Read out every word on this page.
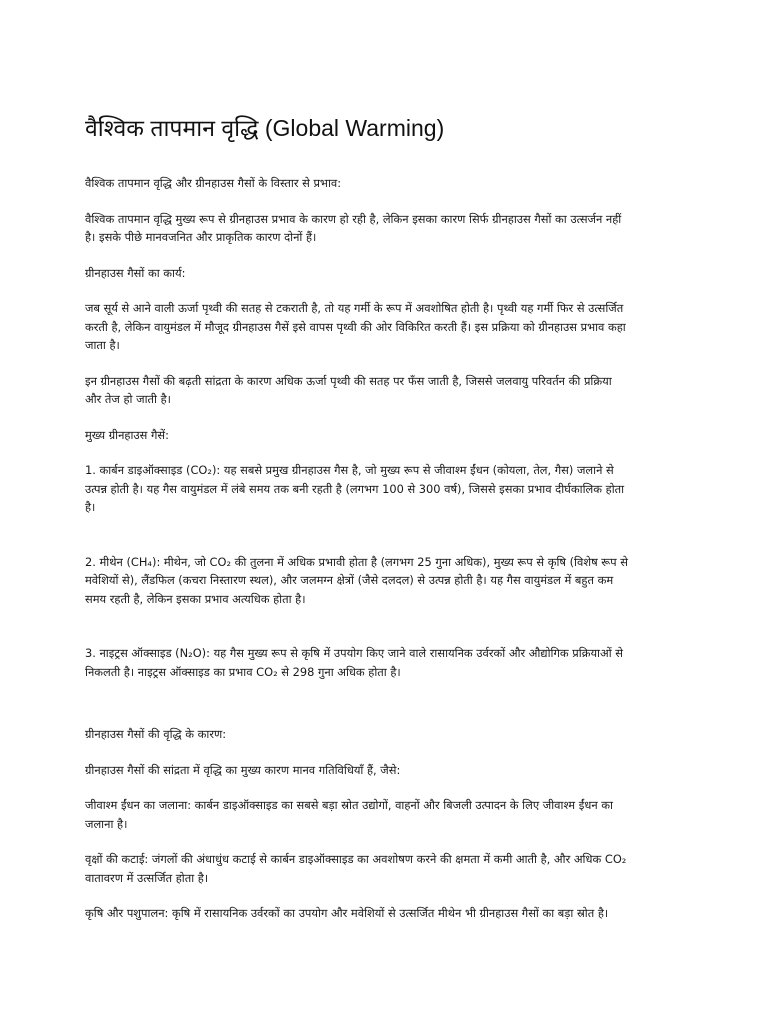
वैश्विक तापमान वृद्धि (Global Warming)

वैश्विक तापमान वृद्धि और ग्रीनहाउस गैसों के विस्तार से प्रभाव:

वैश्विक तापमान वृद्धि मुख्य रूप से ग्रीनहाउस प्रभाव के कारण हो रही है, लेकिन इसका कारण सिर्फ ग्रीनहाउस गैसों का उत्सर्जन नहीं है। इसके पीछे मानवजनित और प्राकृतिक कारण दोनों हैं।

ग्रीनहाउस गैसों का कार्य:

जब सूर्य से आने वाली ऊर्जा पृथ्वी की सतह से टकराती है, तो यह गर्मी के रूप में अवशोषित होती है। पृथ्वी यह गर्मी फिर से उत्सर्जित करती है, लेकिन वायुमंडल में मौजूद ग्रीनहाउस गैसें इसे वापस पृथ्वी की ओर विकिरित करती हैं। इस प्रक्रिया को ग्रीनहाउस प्रभाव कहा जाता है।

इन ग्रीनहाउस गैसों की बढ़ती सांद्रता के कारण अधिक ऊर्जा पृथ्वी की सतह पर फँस जाती है, जिससे जलवायु परिवर्तन की प्रक्रिया और तेज हो जाती है।

मुख्य ग्रीनहाउस गैसें:

1. कार्बन डाइऑक्साइड (CO₂): यह सबसे प्रमुख ग्रीनहाउस गैस है, जो मुख्य रूप से जीवाश्म ईंधन (कोयला, तेल, गैस) जलाने से उत्पन्न होती है। यह गैस वायुमंडल में लंबे समय तक बनी रहती है (लगभग 100 से 300 वर्ष), जिससे इसका प्रभाव दीर्घकालिक होता है।

2. मीथेन (CH₄): मीथेन, जो CO₂ की तुलना में अधिक प्रभावी होता है (लगभग 25 गुना अधिक), मुख्य रूप से कृषि (विशेष रूप से मवेशियों से), लैंडफिल (कचरा निस्तारण स्थल), और जलमग्न क्षेत्रों (जैसे दलदल) से उत्पन्न होती है। यह गैस वायुमंडल में बहुत कम समय रहती है, लेकिन इसका प्रभाव अत्यधिक होता है।

3. नाइट्रस ऑक्साइड (N₂O): यह गैस मुख्य रूप से कृषि में उपयोग किए जाने वाले रासायनिक उर्वरकों और औद्योगिक प्रक्रियाओं से निकलती है। नाइट्रस ऑक्साइड का प्रभाव CO₂ से 298 गुना अधिक होता है।

ग्रीनहाउस गैसों की वृद्धि के कारण:

ग्रीनहाउस गैसों की सांद्रता में वृद्धि का मुख्य कारण मानव गतिविधियाँ हैं, जैसे:

जीवाश्म ईंधन का जलाना: कार्बन डाइऑक्साइड का सबसे बड़ा स्रोत उद्योगों, वाहनों और बिजली उत्पादन के लिए जीवाश्म ईंधन का जलाना है।

वृक्षों की कटाई: जंगलों की अंधाधुंध कटाई से कार्बन डाइऑक्साइड का अवशोषण करने की क्षमता में कमी आती है, और अधिक CO₂ वातावरण में उत्सर्जित होता है।

कृषि और पशुपालन: कृषि में रासायनिक उर्वरकों का उपयोग और मवेशियों से उत्सर्जित मीथेन भी ग्रीनहाउस गैसों का बड़ा स्रोत है।
